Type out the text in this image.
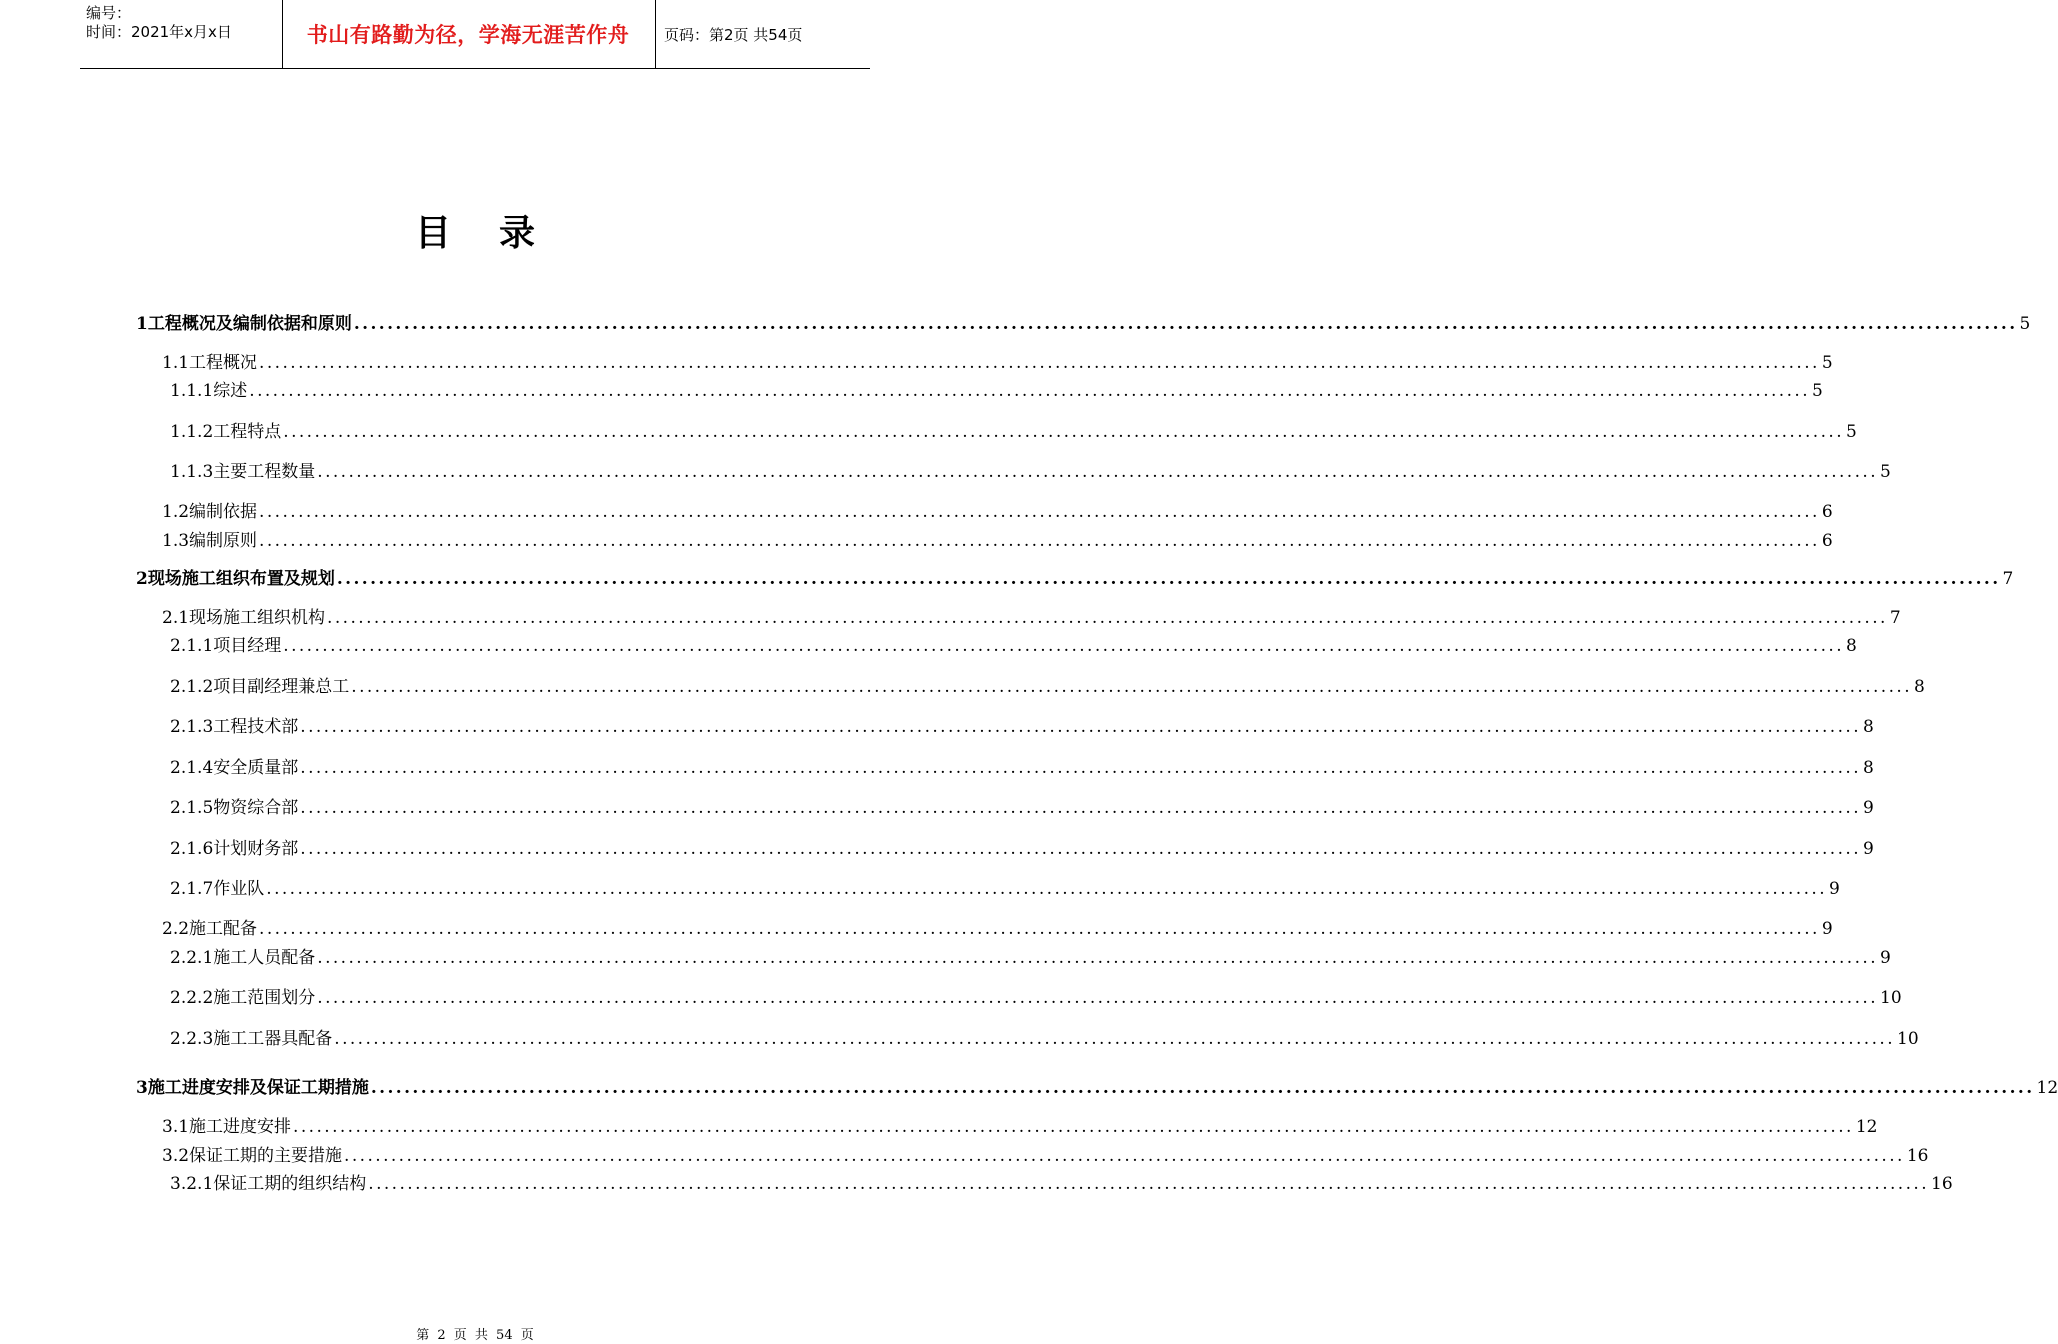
编号：
时间：2021年x月x日	书山有路勤为径，学海无涯苦作舟	页码：第2页 共54页
目录
1 工程概况及编制依据和原则 ........................................................................................................................................................................................................ 5
1.1 工程概况 ........................................................................................................................................................................................................ 5
1.1.1 综述 ........................................................................................................................................................................................................ 5
1.1.2 工程特点 ........................................................................................................................................................................................................ 5
1.1.3 主要工程数量 ........................................................................................................................................................................................................ 5
1.2 编制依据 ........................................................................................................................................................................................................ 6
1.3 编制原则 ........................................................................................................................................................................................................ 6
2 现场施工组织布置及规划 ........................................................................................................................................................................................................ 7
2.1 现场施工组织机构 ........................................................................................................................................................................................................ 7
2.1.1 项目经理 ........................................................................................................................................................................................................ 8
2.1.2 项目副经理兼总工 ........................................................................................................................................................................................................ 8
2.1.3 工程技术部 ........................................................................................................................................................................................................ 8
2.1.4 安全质量部 ........................................................................................................................................................................................................ 8
2.1.5 物资综合部 ........................................................................................................................................................................................................ 9
2.1.6 计划财务部 ........................................................................................................................................................................................................ 9
2.1.7 作业队 ........................................................................................................................................................................................................ 9
2.2 施工配备 ........................................................................................................................................................................................................ 9
2.2.1 施工人员配备 ........................................................................................................................................................................................................ 9
2.2.2 施工范围划分 ........................................................................................................................................................................................................ 10
2.2.3 施工工器具配备 ........................................................................................................................................................................................................ 10
3 施工进度安排及保证工期措施 ........................................................................................................................................................................................................ 12
3.1 施工进度安排 ........................................................................................................................................................................................................ 12
3.2 保证工期的主要措施 ........................................................................................................................................................................................................ 16
3.2.1 保证工期的组织结构 ........................................................................................................................................................................................................ 16
第 2 页 共 54 页
